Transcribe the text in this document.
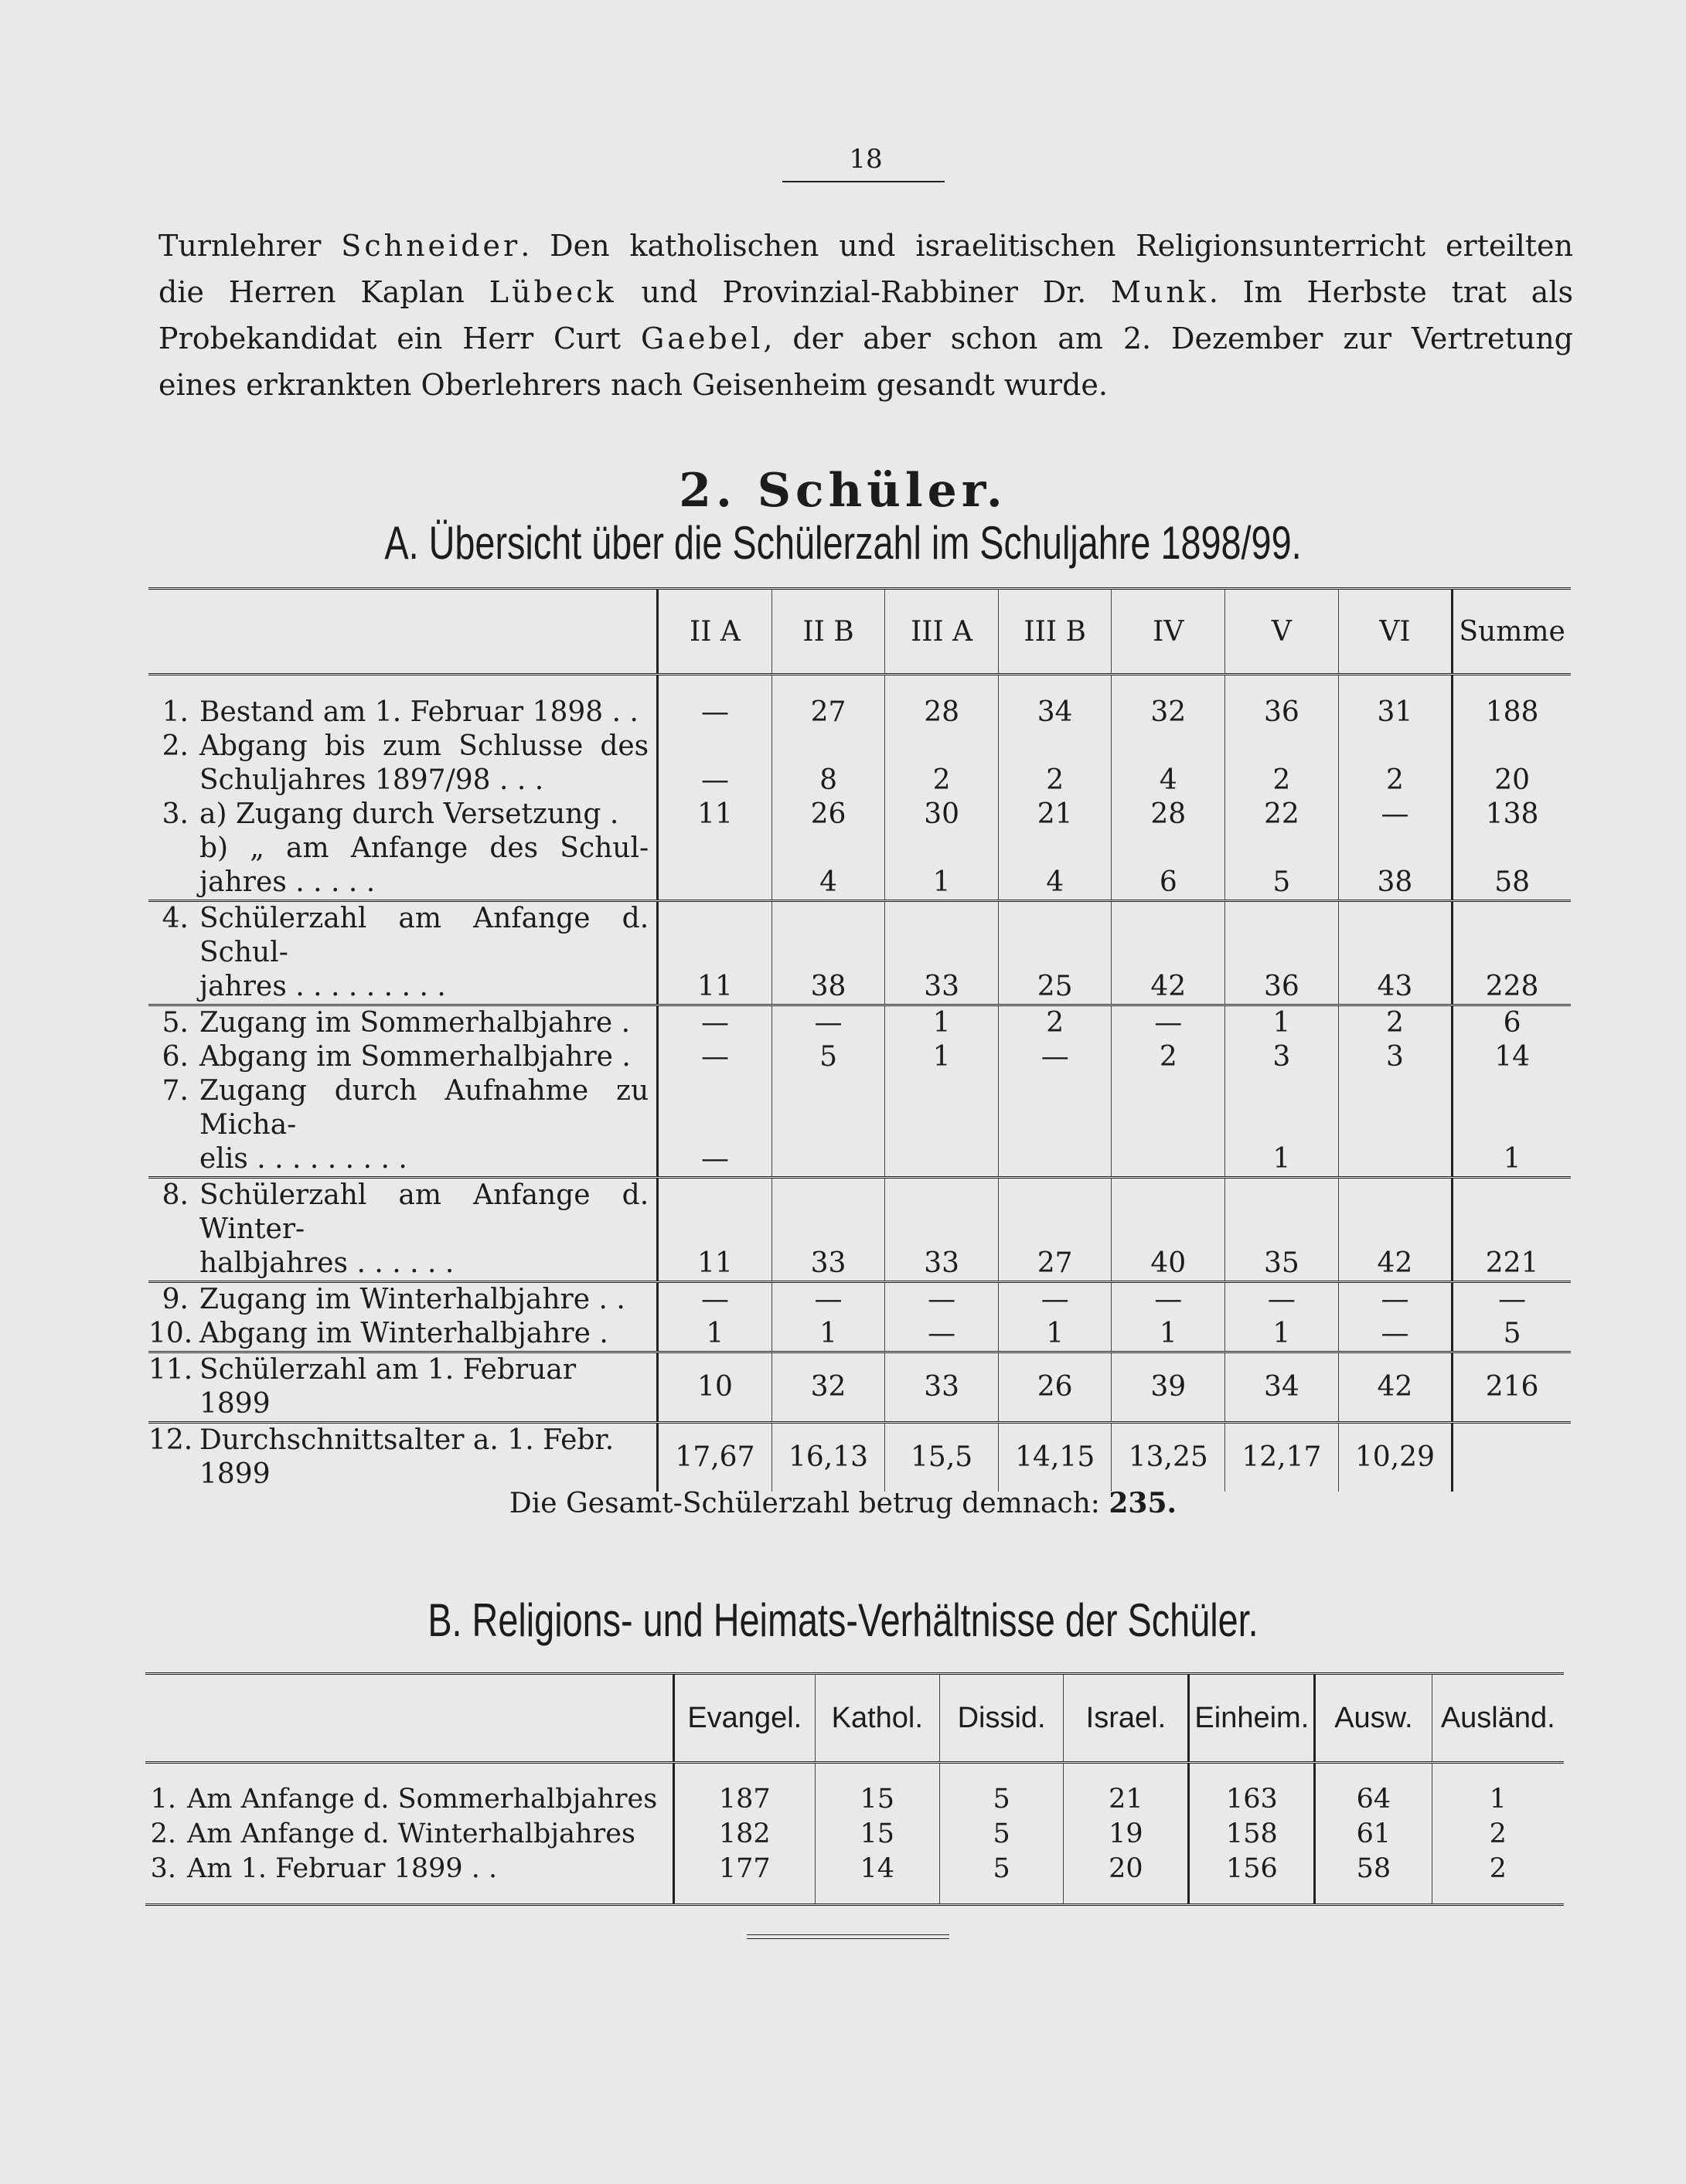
18
Turnlehrer Schneider. Den katholischen und israelitischen Religionsunterricht erteilten
die Herren Kaplan Lübeck und Provinzial-Rabbiner Dr. Munk. Im Herbste trat als
Probekandidat ein Herr Curt Gaebel, der aber schon am 2. Dezember zur Vertretung
eines erkrankten Oberlehrers nach Geisenheim gesandt wurde.
2. Schüler.
A. Übersicht über die Schülerzahl im Schuljahre 1898/99.
	II A	II B	III A	III B	IV	V	VI	Summe

1. Bestand am 1. Februar 1898 . .	—	27	28	34	32	36	31	188

2. Abgang bis zum Schlusse des
Schuljahres 1897/98 . . .	—	8	2	2	4	2	2	20

3. a) Zugang durch Versetzung .	11	26	30	21	28	22	—	138

b) „ am Anfange des Schul-
jahres . . . . .		4	1	4	6	5	38	58

4. Schülerzahl am Anfange d. Schul-
jahres . . . . . . . . .	11	38	33	25	42	36	43	228

5. Zugang im Sommerhalbjahre .	—	—	1	2	—	1	2	6

6. Abgang im Sommerhalbjahre .	—	5	1	—	2	3	3	14

7. Zugang durch Aufnahme zu Micha-
elis . . . . . . . . .	—					1		1

8. Schülerzahl am Anfange d. Winter-
halbjahres . . . . . .	11	33	33	27	40	35	42	221

9. Zugang im Winterhalbjahre . .	—	—	—	—	—	—	—	—

10. Abgang im Winterhalbjahre .	1	1	—	1	1	1	—	5

11. Schülerzahl am 1. Februar 1899	10	32	33	26	39	34	42	216

12. Durchschnittsalter a. 1. Febr. 1899	17,67	16,13	15,5	14,15	13,25	12,17	10,29	
Die Gesamt-Schülerzahl betrug demnach: 235.
B. Religions- und Heimats-Verhältnisse der Schüler.
	Evangel.	Kathol.	Dissid.	Israel.	Einheim.	Ausw.	Ausländ.

1. Am Anfange d. Sommerhalbjahres	187	15	5	21	163	64	1

2. Am Anfange d. Winterhalbjahres	182	15	5	19	158	61	2

3. Am 1. Februar 1899 . .	177	14	5	20	156	58	2
